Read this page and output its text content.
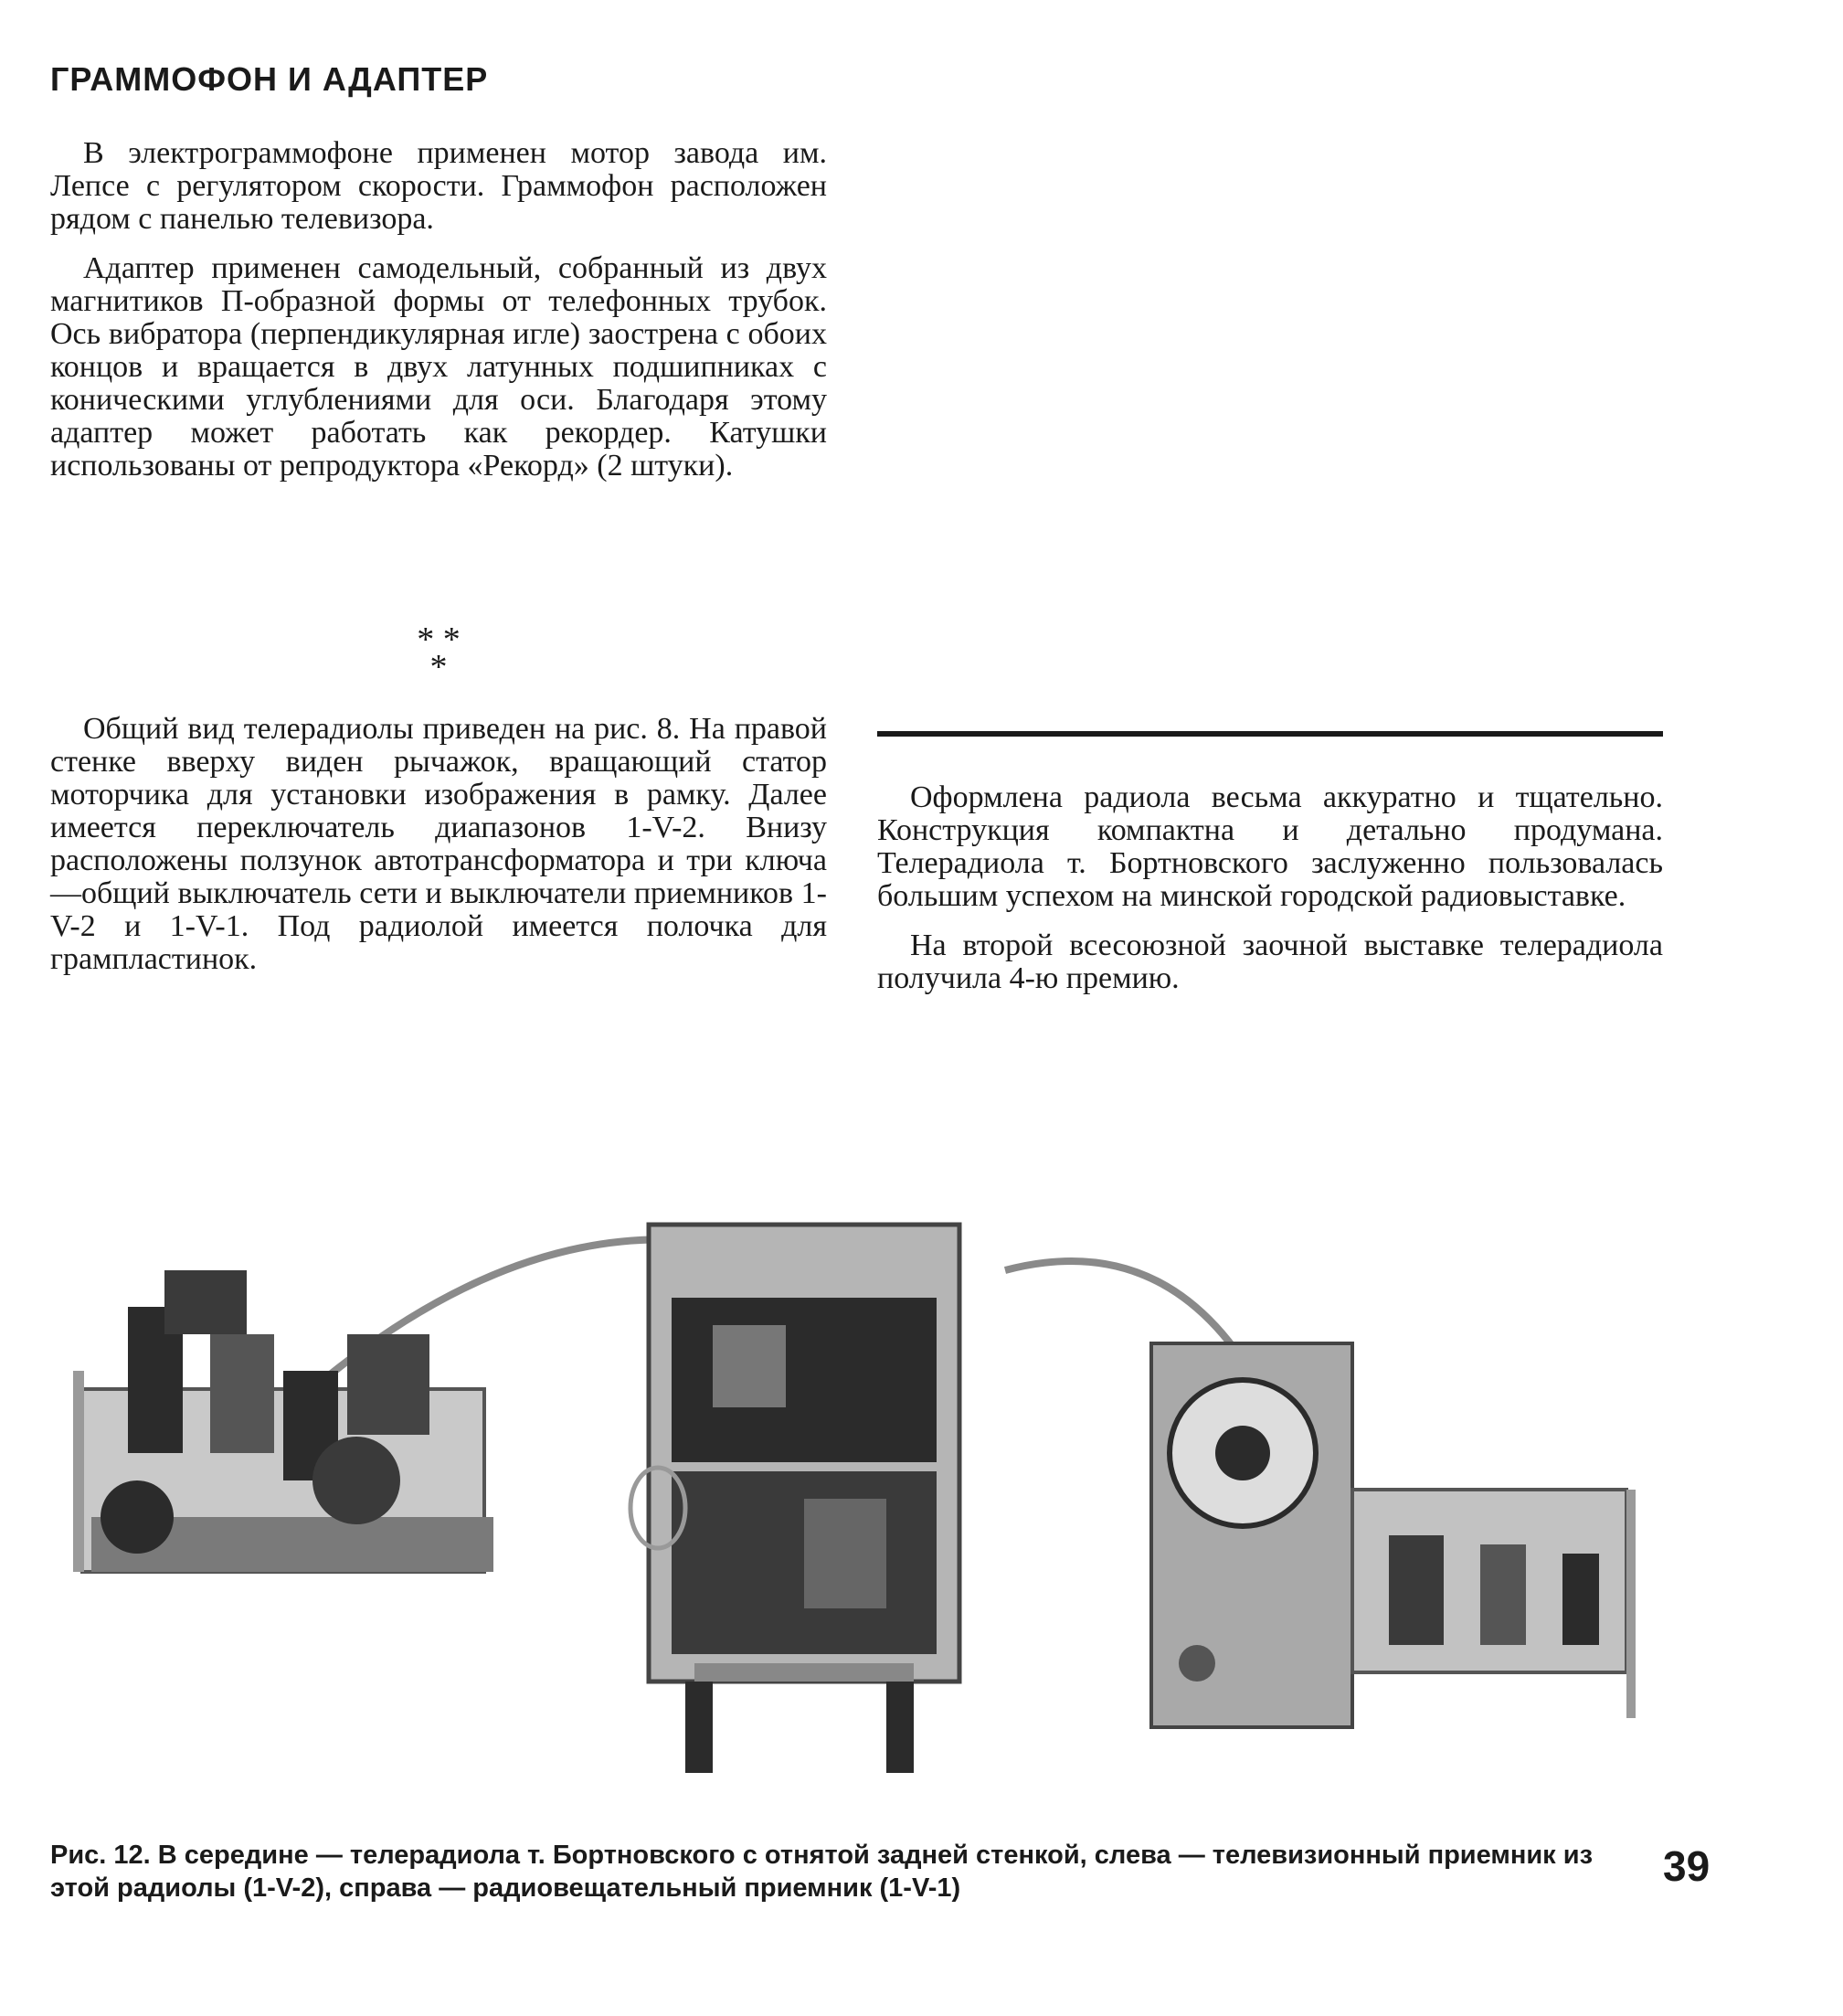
ГРАММОФОН И АДАПТЕР

В электрограммофоне применен мотор завода им. Лепсе с регулятором скорости. Граммофон расположен рядом с панелью телевизора.

Адаптер применен самодельный, собранный из двух магнитиков П-образной формы от телефонных трубок. Ось вибратора (перпендикулярная игле) заострена с обоих концов и вращается в двух латунных подшипниках с коническими углублениями для оси. Благодаря этому адаптер может работать как рекордер. Катушки использованы от репродуктора «Рекорд» (2 штуки).

* *
*

Общий вид телерадиолы приведен на рис. 8. На правой стенке вверху виден рычажок, вращающий статор моторчика для установки изображения в рамку. Далее имеется переключатель диапазонов 1-V-2. Внизу расположены ползунок автотрансформатора и три ключа—общий выключатель сети и выключатели приемников 1-V-2 и 1-V-1. Под радиолой имеется полочка для грампластинок.

Оформлена радиола весьма аккуратно и тщательно. Конструкция компактна и детально продумана. Телерадиола т. Бортновского заслуженно пользовалась большим успехом на минской городской радиовыставке.

На второй всесоюзной заочной выставке телерадиола получила 4-ю премию.

Рис. 12. В середине — телерадиола т. Бортновского с отнятой задней стенкой, слева — телевизионный приемник из этой радиолы (1-V-2), справа — радиовещательный приемник (1-V-1)	39
